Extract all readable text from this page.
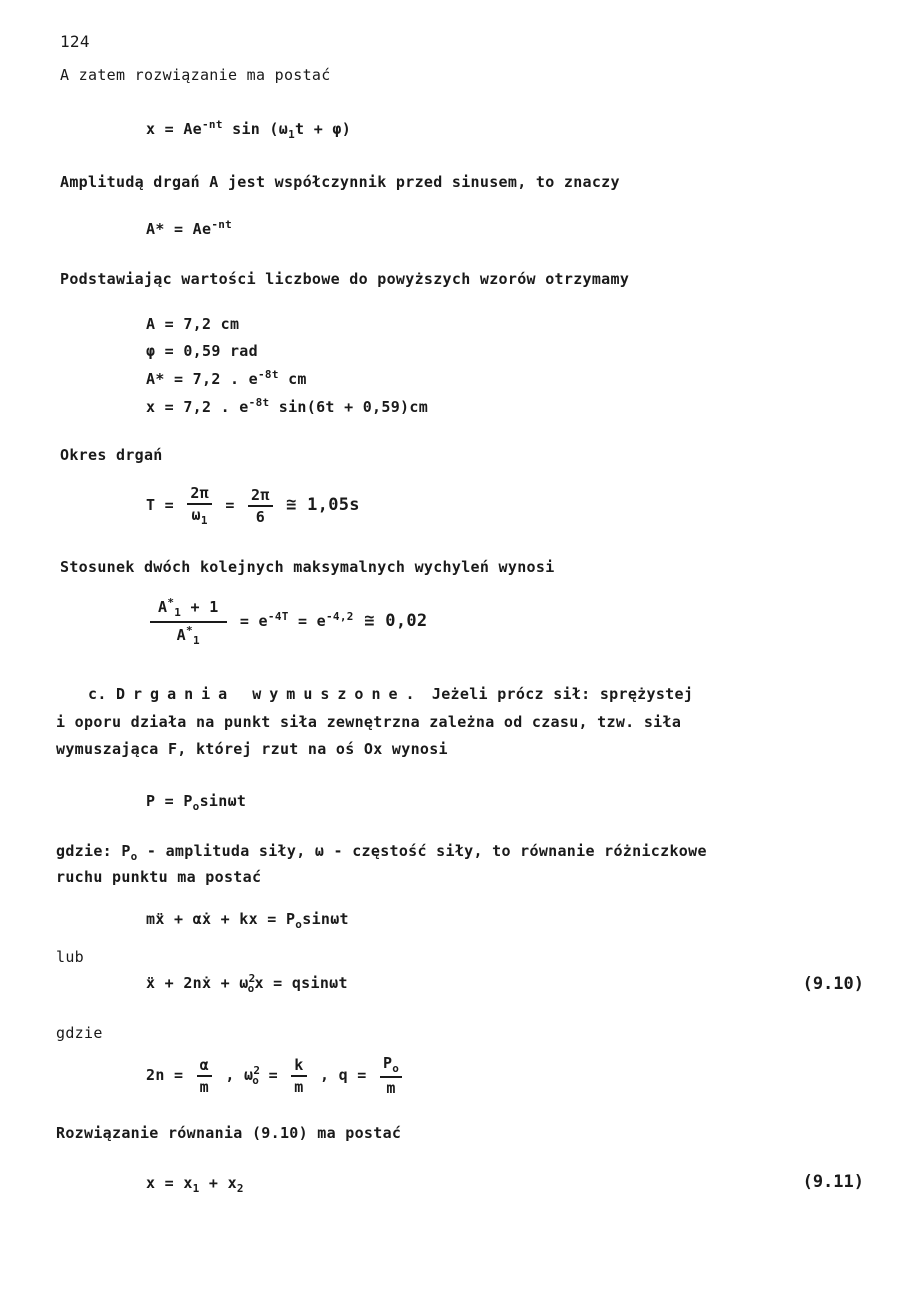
124
A zatem rozwiązanie ma postać
$x = Ae^{-nt}$ $\sin (\omega_1t + \varphi)$
Amplitudą drgań A jest współczynnik przed sinusem, to znaczy
$A* = Ae^{-nt}$
Podstawiając wartości liczbowe do powyższych wzorów otrzymamy
A = 7,2 cm
φ = 0,59 rad
A* = 7,2 . $e^{-8t}$ cm
x = 7,2 . $e^{-8t}$ sin(6t + 0,59)cm
Okres drgań
$T = \frac{2\pi}{\omega_1} = \frac{2\pi}{6}$ ≅ 1,05s
Stosunek dwóch kolejnych maksymalnych wychyleń wynosi
$\frac{A^*_1 + 1}{A^*_1} = e^{-4T} = e^{-4,2}$ ≅ 0,02
c. Drgania wymuszone. Jeżeli prócz sił: sprężystej
i oporu działa na punkt siła zewnętrzna zależna od czasu, tzw. siła
wymuszająca F, której rzut na oś Ox wynosi
$P = P_o\sin\omega t$
gdzie: $P_o$ - amplituda siły, ω - częstość siły, to równanie różniczkowe
ruchu punktu ma postać
mẍ + αẋ + kx = $P_o\sin\omega t$
lub
ẍ + 2nẋ + $\omega^2_ox = qsin\omega t$	(9.10)
gdzie
$2n = \frac{\alpha}{m}$ , $\omega^2_o = \frac{k}{m}$ , $q = \frac{P_o}{m}$
Rozwiązanie równania (9.10) ma postać
$x = x_1 + x_2$	(9.11)
